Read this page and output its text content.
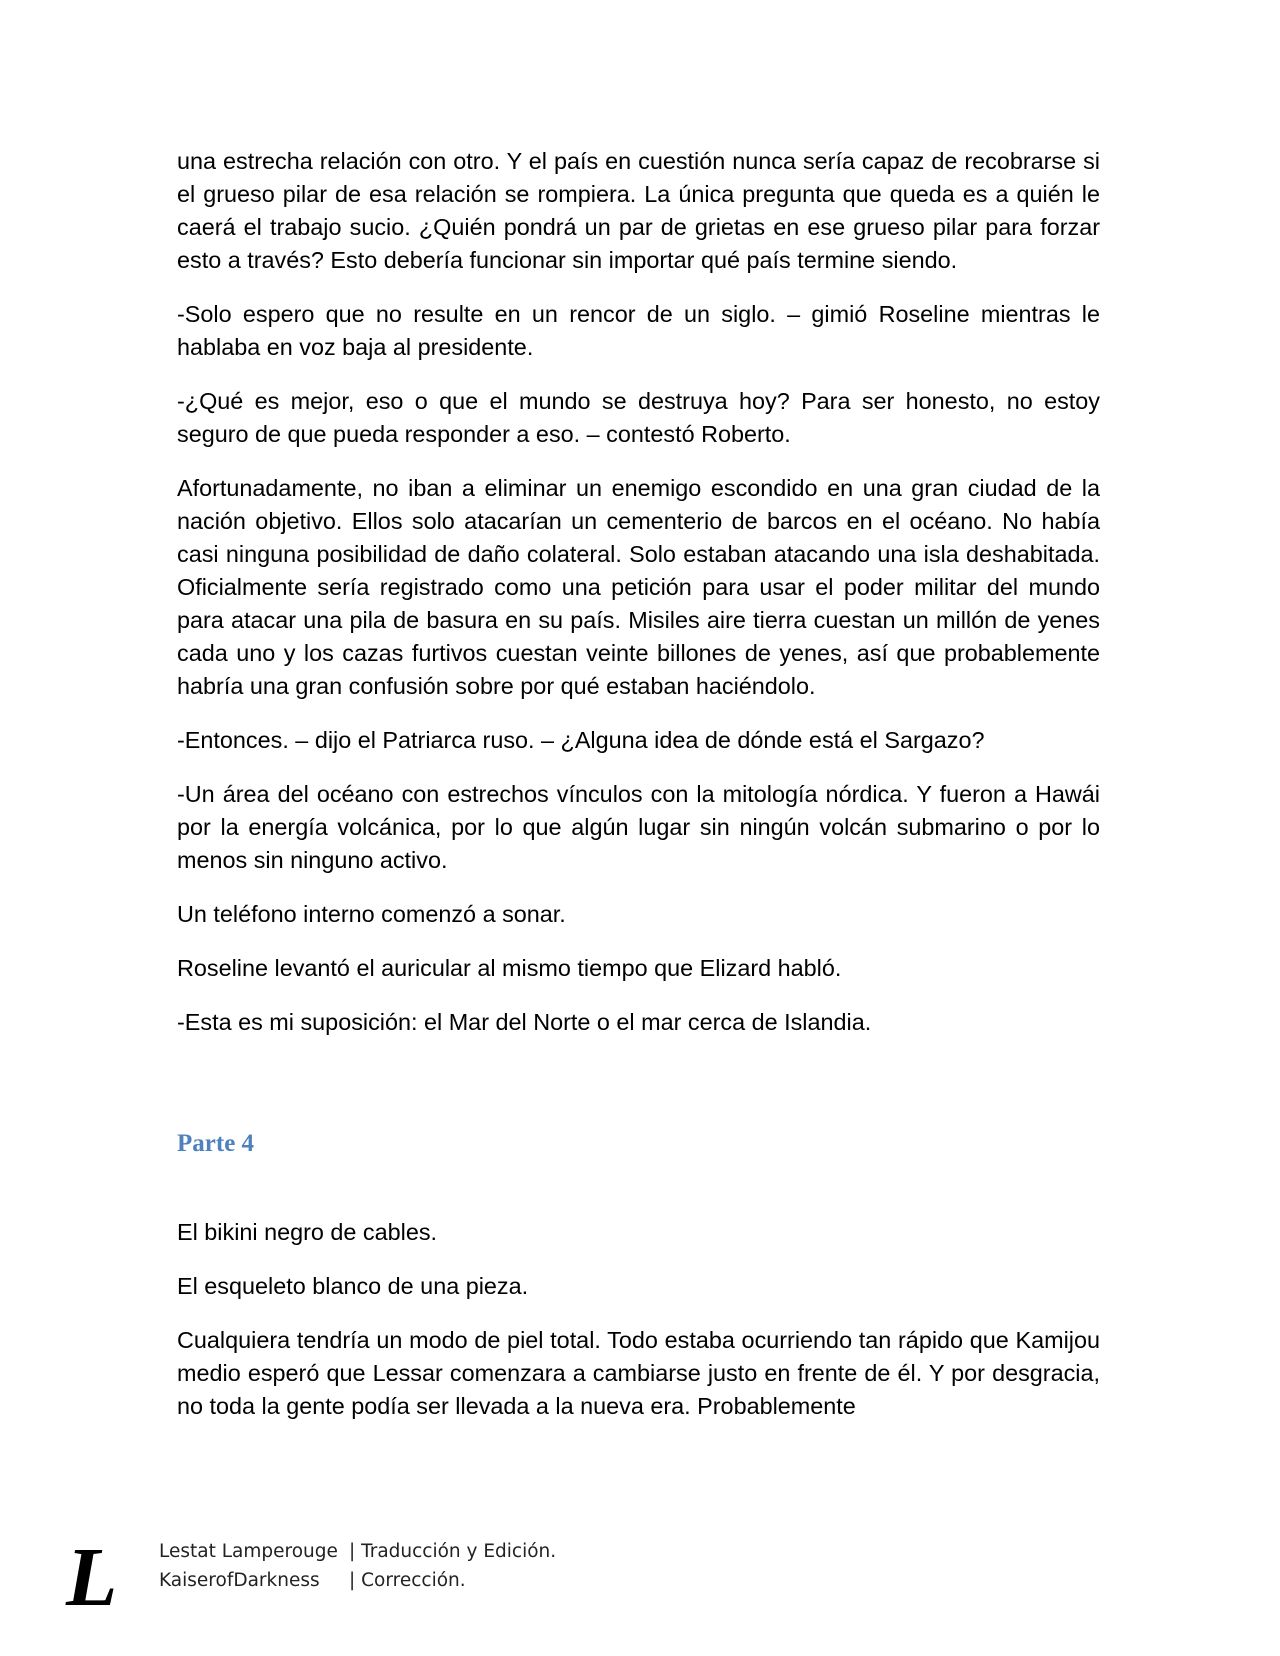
una estrecha relación con otro. Y el país en cuestión nunca sería capaz de recobrarse si el grueso pilar de esa relación se rompiera. La única pregunta que queda es a quién le caerá el trabajo sucio. ¿Quién pondrá un par de grietas en ese grueso pilar para forzar esto a través? Esto debería funcionar sin importar qué país termine siendo.

-Solo espero que no resulte en un rencor de un siglo. – gimió Roseline mientras le hablaba en voz baja al presidente.

-¿Qué es mejor, eso o que el mundo se destruya hoy? Para ser honesto, no estoy seguro de que pueda responder a eso. – contestó Roberto.

Afortunadamente, no iban a eliminar un enemigo escondido en una gran ciudad de la nación objetivo. Ellos solo atacarían un cementerio de barcos en el océano. No había casi ninguna posibilidad de daño colateral. Solo estaban atacando una isla deshabitada. Oficialmente sería registrado como una petición para usar el poder militar del mundo para atacar una pila de basura en su país. Misiles aire tierra cuestan un millón de yenes cada uno y los cazas furtivos cuestan veinte billones de yenes, así que probablemente habría una gran confusión sobre por qué estaban haciéndolo.

-Entonces. – dijo el Patriarca ruso. – ¿Alguna idea de dónde está el Sargazo?

-Un área del océano con estrechos vínculos con la mitología nórdica. Y fueron a Hawái por la energía volcánica, por lo que algún lugar sin ningún volcán submarino o por lo menos sin ninguno activo.

Un teléfono interno comenzó a sonar.

Roseline levantó el auricular al mismo tiempo que Elizard habló.

-Esta es mi suposición: el Mar del Norte o el mar cerca de Islandia.

Parte 4

El bikini negro de cables.

El esqueleto blanco de una pieza.

Cualquiera tendría un modo de piel total. Todo estaba ocurriendo tan rápido que Kamijou medio esperó que Lessar comenzara a cambiarse justo en frente de él. Y por desgracia, no toda la gente podía ser llevada a la nueva era. Probablemente

L	Lestat Lamperouge | Traducción y Edición.
KaiserofDarkness | Corrección.
